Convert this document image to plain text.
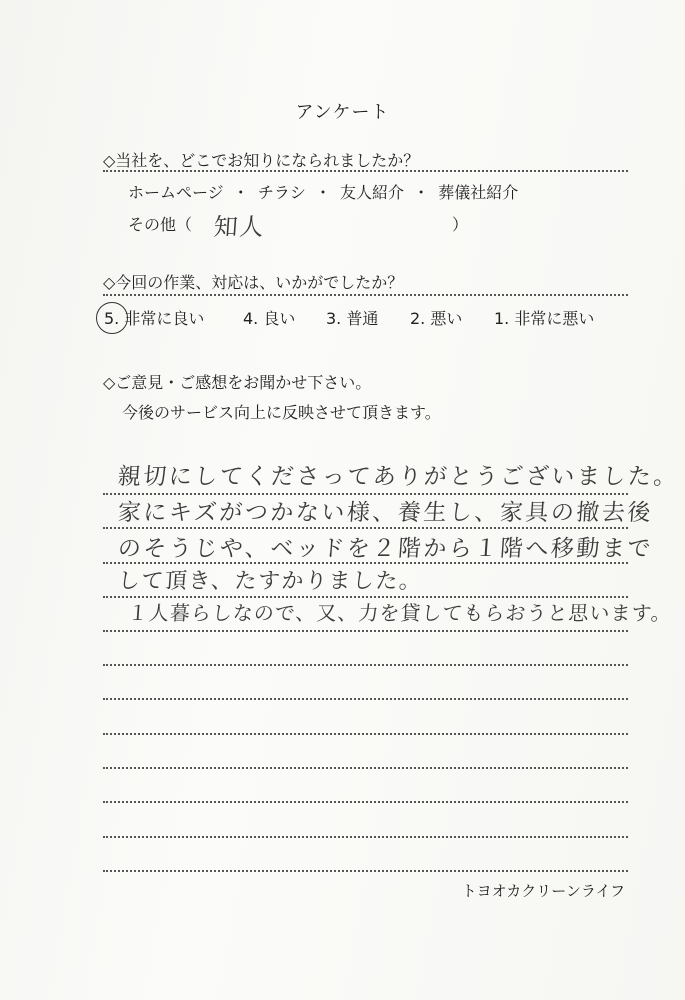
アンケート
◇当社を、どこでお知りになられましたか？
ホームページ ・ チラシ ・ 友人紹介 ・ 葬儀社紹介
その他（ 知人	）
◇今回の作業、対応は、いかがでしたか？
5. 非常に良い 4. 良い 3. 普通 2. 悪い 1. 非常に悪い
◇ご意見・ご感想をお聞かせ下さい。
今後のサービス向上に反映させて頂きます。
親切にしてくださってありがとうございました。
家にキズがつかない様、養生し、家具の撤去後
のそうじや、ベッドを２階から１階へ移動まで
して頂き、たすかりました。
１人暮らしなので、又、力を貸してもらおうと思います。
トヨオカクリーンライフ
